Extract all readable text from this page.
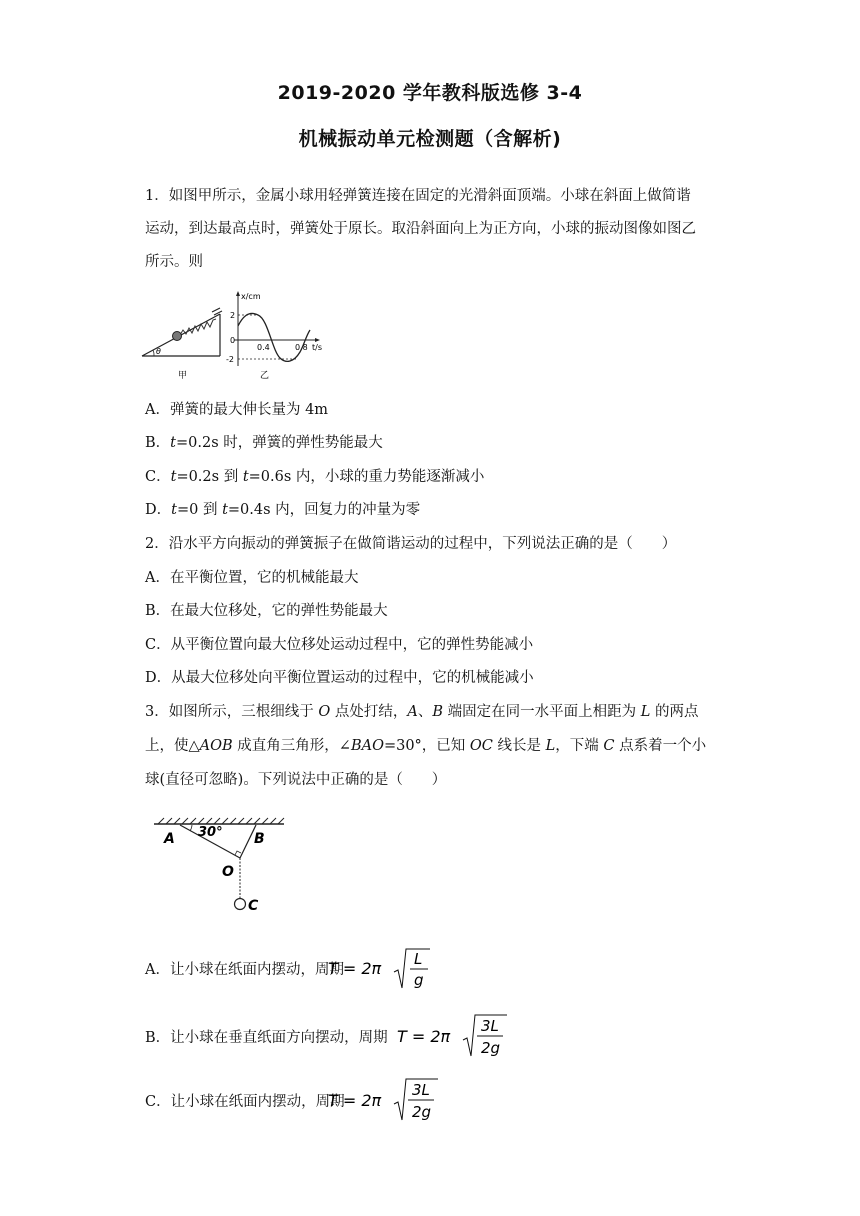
2019-2020 学年教科版选修 3-4
机械振动单元检测题（含解析)
1．如图甲所示，金属小球用轻弹簧连接在固定的光滑斜面顶端。小球在斜面上做简谐
运动，到达最高点时，弹簧处于原长。取沿斜面向上为正方向，小球的振动图像如图乙
所示。则
θ
甲
x/cm
t/s
2
0
-2
0.4	0.8
乙
A．弹簧的最大伸长量为 4m
B．t=0.2s 时，弹簧的弹性势能最大
C．t=0.2s 到 t=0.6s 内，小球的重力势能逐渐减小
D．t=0 到 t=0.4s 内，回复力的冲量为零
2．沿水平方向振动的弹簧振子在做简谐运动的过程中，下列说法正确的是（　　）
A．在平衡位置，它的机械能最大
B．在最大位移处，它的弹性势能最大
C．从平衡位置向最大位移处运动过程中，它的弹性势能减小
D．从最大位移处向平衡位置运动的过程中，它的机械能减小
3．如图所示，三根细线于 O 点处打结，A、B 端固定在同一水平面上相距为 L 的两点
上，使△AOB 成直角三角形，∠BAO=30°，已知 OC 线长是 L，下端 C 点系着一个小
球(直径可忽略)。下列说法中正确的是（　　）
30°
A	B
O
C
A．让小球在纸面内摆动，周期
T = 2π L
g
B．让小球在垂直纸面方向摆动，周期 T = 2π
3L
2g
C．让小球在纸面内摆动，周期
T = 2π
3L
2g
